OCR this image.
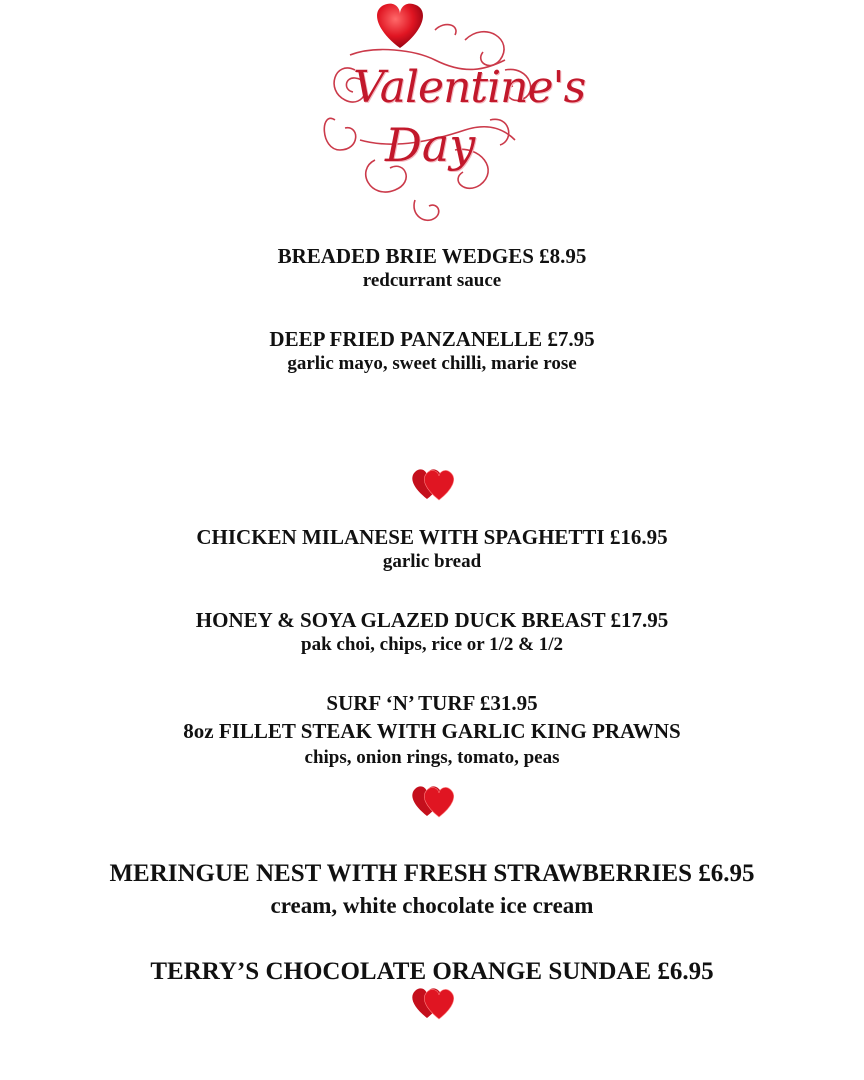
Valentine's
Day
BREADED BRIE WEDGES £8.95
redcurrant sauce
DEEP FRIED PANZANELLE £7.95
garlic mayo, sweet chilli, marie rose
CHICKEN MILANESE WITH SPAGHETTI £16.95
garlic bread
HONEY & SOYA GLAZED DUCK BREAST £17.95
pak choi, chips, rice or 1/2 & 1/2
SURF ‘N’ TURF £31.95
8oz FILLET STEAK WITH GARLIC KING PRAWNS
chips, onion rings, tomato, peas
MERINGUE NEST WITH FRESH STRAWBERRIES £6.95
cream, white chocolate ice cream
TERRY’S CHOCOLATE ORANGE SUNDAE £6.95
